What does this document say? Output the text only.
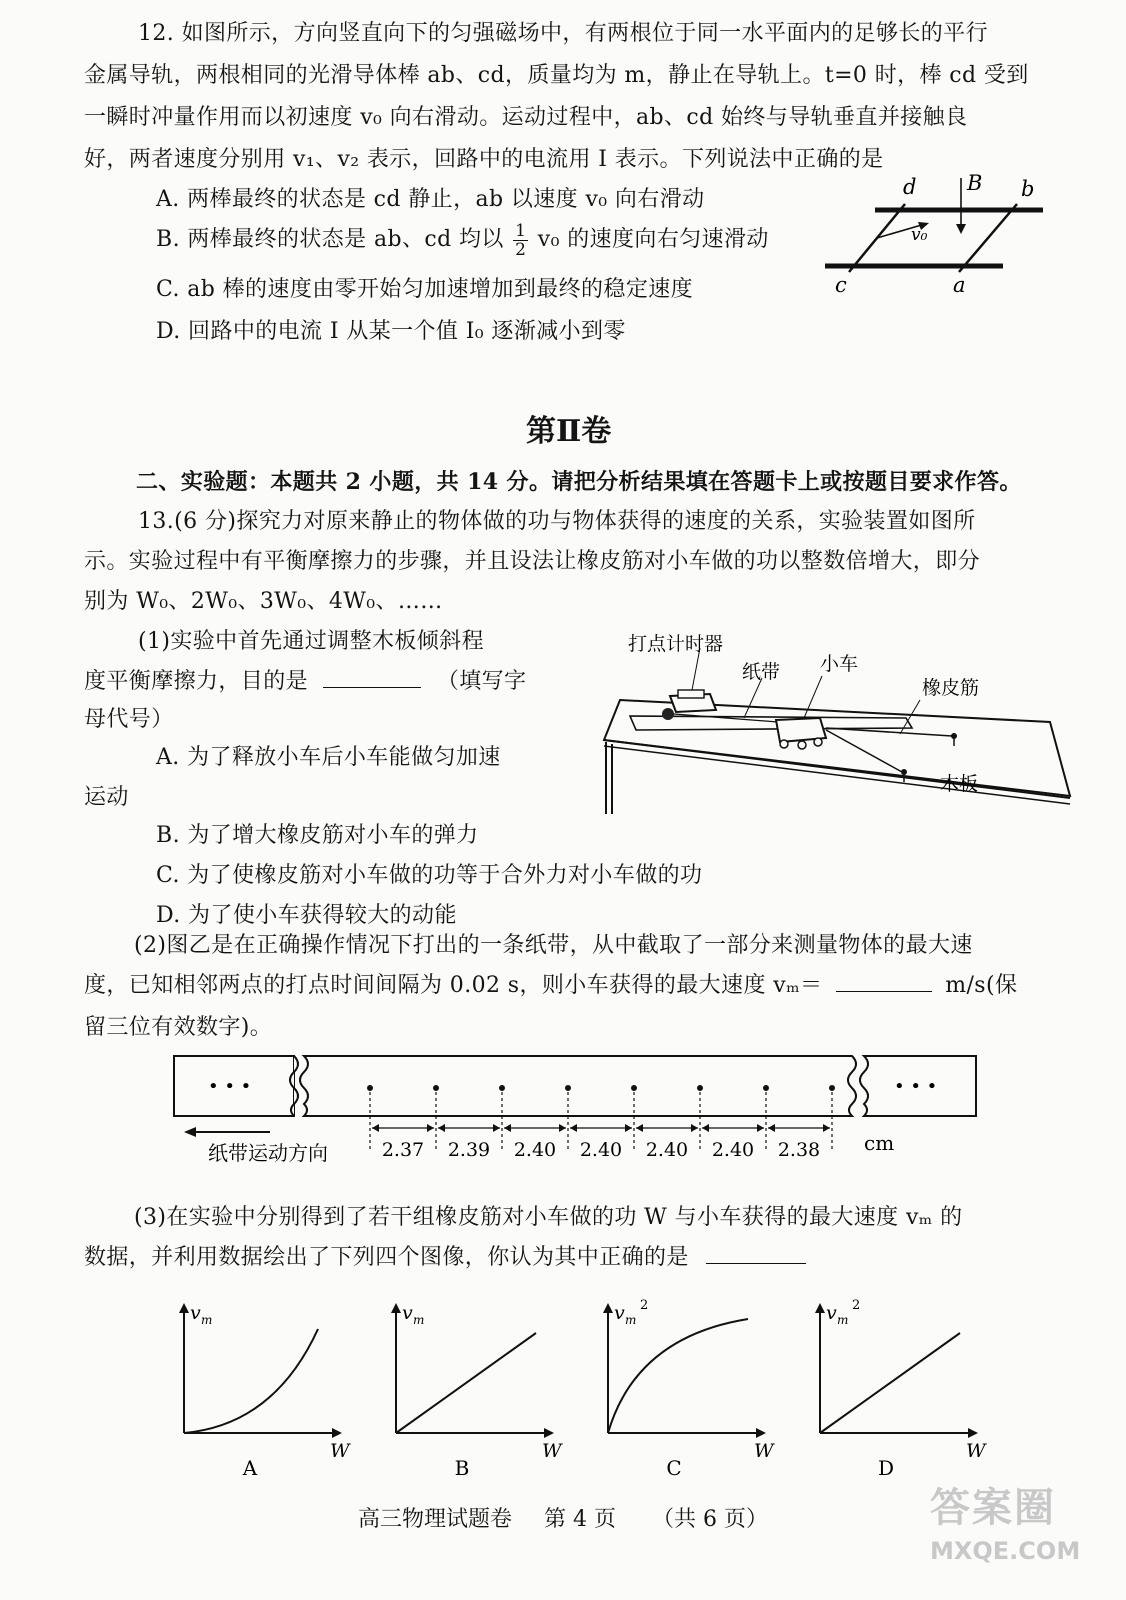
12. 如图所示，方向竖直向下的匀强磁场中，有两根位于同一水平面内的足够长的平行
金属导轨，两根相同的光滑导体棒 ab、cd，质量均为 m，静止在导轨上。t=0 时，棒 cd 受到
一瞬时冲量作用而以初速度 v₀ 向右滑动。运动过程中，ab、cd 始终与导轨垂直并接触良
好，两者速度分别用 v₁、v₂ 表示，回路中的电流用 I 表示。下列说法中正确的是
A. 两棒最终的状态是 cd 静止，ab 以速度 v₀ 向右滑动
B. 两棒最终的状态是 ab、cd 均以 $\frac{1}{2} v_0$ 的速度向右匀速滑动
C. ab 棒的速度由零开始匀加速增加到最终的稳定速度
D. 回路中的电流 I 从某一个值 I₀ 逐渐减小到零
d B b
v₀
c	a
第Ⅱ卷
二、实验题：本题共 2 小题，共 14 分。请把分析结果填在答题卡上或按题目要求作答。
13.(6 分)探究力对原来静止的物体做的功与物体获得的速度的关系，实验装置如图所
示。实验过程中有平衡摩擦力的步骤，并且设法让橡皮筋对小车做的功以整数倍增大，即分
别为 W₀、2W₀、3W₀、4W₀、……
(1)实验中首先通过调整木板倾斜程
度平衡摩擦力，目的是	（填写字
母代号）
A. 为了释放小车后小车能做匀加速
运动
B. 为了增大橡皮筋对小车的弹力
C. 为了使橡皮筋对小车做的功等于合外力对小车做的功
D. 为了使小车获得较大的动能
打点计时器
纸带 小车
橡皮筋
木板
(2)图乙是在正确操作情况下打出的一条纸带，从中截取了一部分来测量物体的最大速
度，已知相邻两点的打点时间间隔为 0.02 s，则小车获得的最大速度 vₘ＝	m/s(保
留三位有效数字)。
• • •	• • •
2.37 2.39 2.40 2.40 2.40 2.40 2.38
纸带运动方向	cm
(3)在实验中分别得到了若干组橡皮筋对小车做的功 W 与小车获得的最大速度 vₘ 的
数据，并利用数据绘出了下列四个图像，你认为其中正确的是
v m
W
A
v m
W
B
v m
2
W
C
v m
2
W
D
高三物理试题卷 第 4 页 （共 6 页）	答案圈
MXQE.COM
